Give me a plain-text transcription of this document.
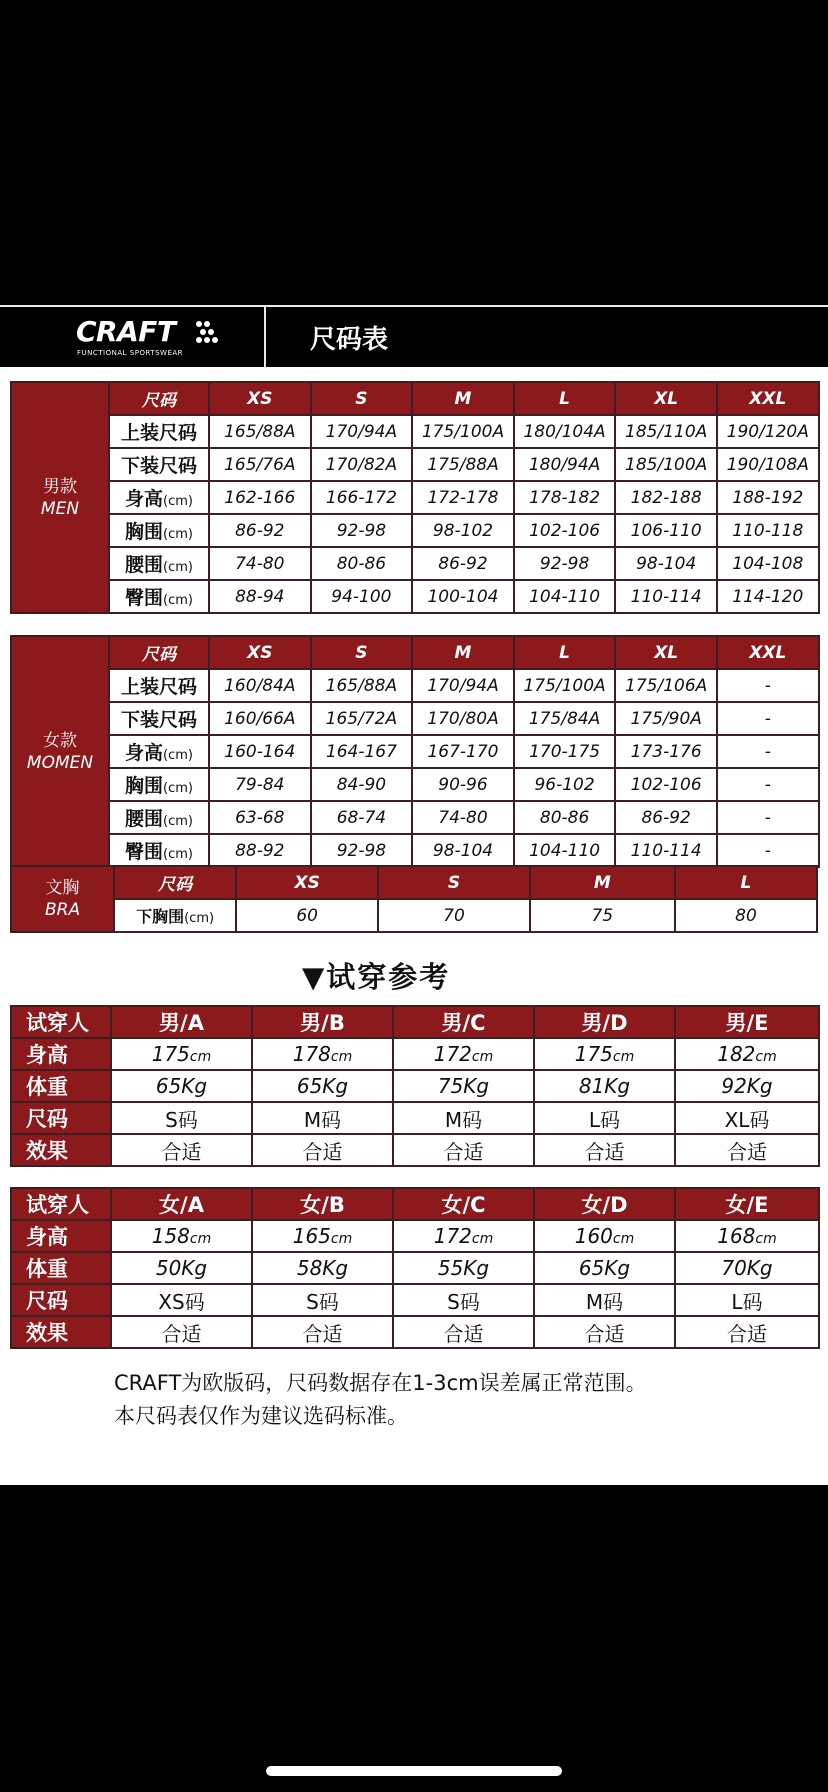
CRAFT
FUNCTIONAL SPORTSWEAR	尺码表
男款
MEN	尺码	XS	S	M	L	XL	XXL
	上装尺码	165/88A	170/94A	175/100A	180/104A	185/110A	190/120A
	下装尺码	165/76A	170/82A	175/88A	180/94A	185/100A	190/108A
	身高(cm)	162-166	166-172	172-178	178-182	182-188	188-192
	胸围(cm)	86-92	92-98	98-102	102-106	106-110	110-118
	腰围(cm)	74-80	80-86	86-92	92-98	98-104	104-108
	臀围(cm)	88-94	94-100	100-104	104-110	110-114	114-120
女款
MOMEN	尺码	XS	S	M	L	XL	XXL
	上装尺码	160/84A	165/88A	170/94A	175/100A	175/106A	-
	下装尺码	160/66A	165/72A	170/80A	175/84A	175/90A	-
	身高(cm)	160-164	164-167	167-170	170-175	173-176	-
	胸围(cm)	79-84	84-90	90-96	96-102	102-106	-
	腰围(cm)	63-68	68-74	74-80	80-86	86-92	-
	臀围(cm)	88-92	92-98	98-104	104-110	110-114	-
文胸
BRA	尺码	XS	S	M	L
	下胸围(cm)	60	70	75	80
▼试穿参考
试穿人	男/A	男/B	男/C	男/D	男/E
身高	175cm	178cm	172cm	175cm	182cm
体重	65Kg	65Kg	75Kg	81Kg	92Kg
尺码	S码	M码	M码	L码	XL码
效果	合适	合适	合适	合适	合适
试穿人	女/A	女/B	女/C	女/D	女/E
身高	158cm	165cm	172cm	160cm	168cm
体重	50Kg	58Kg	55Kg	65Kg	70Kg
尺码	XS码	S码	S码	M码	L码
效果	合适	合适	合适	合适	合适
CRAFT为欧版码，尺码数据存在1-3cm误差属正常范围。
本尺码表仅作为建议选码标准。
